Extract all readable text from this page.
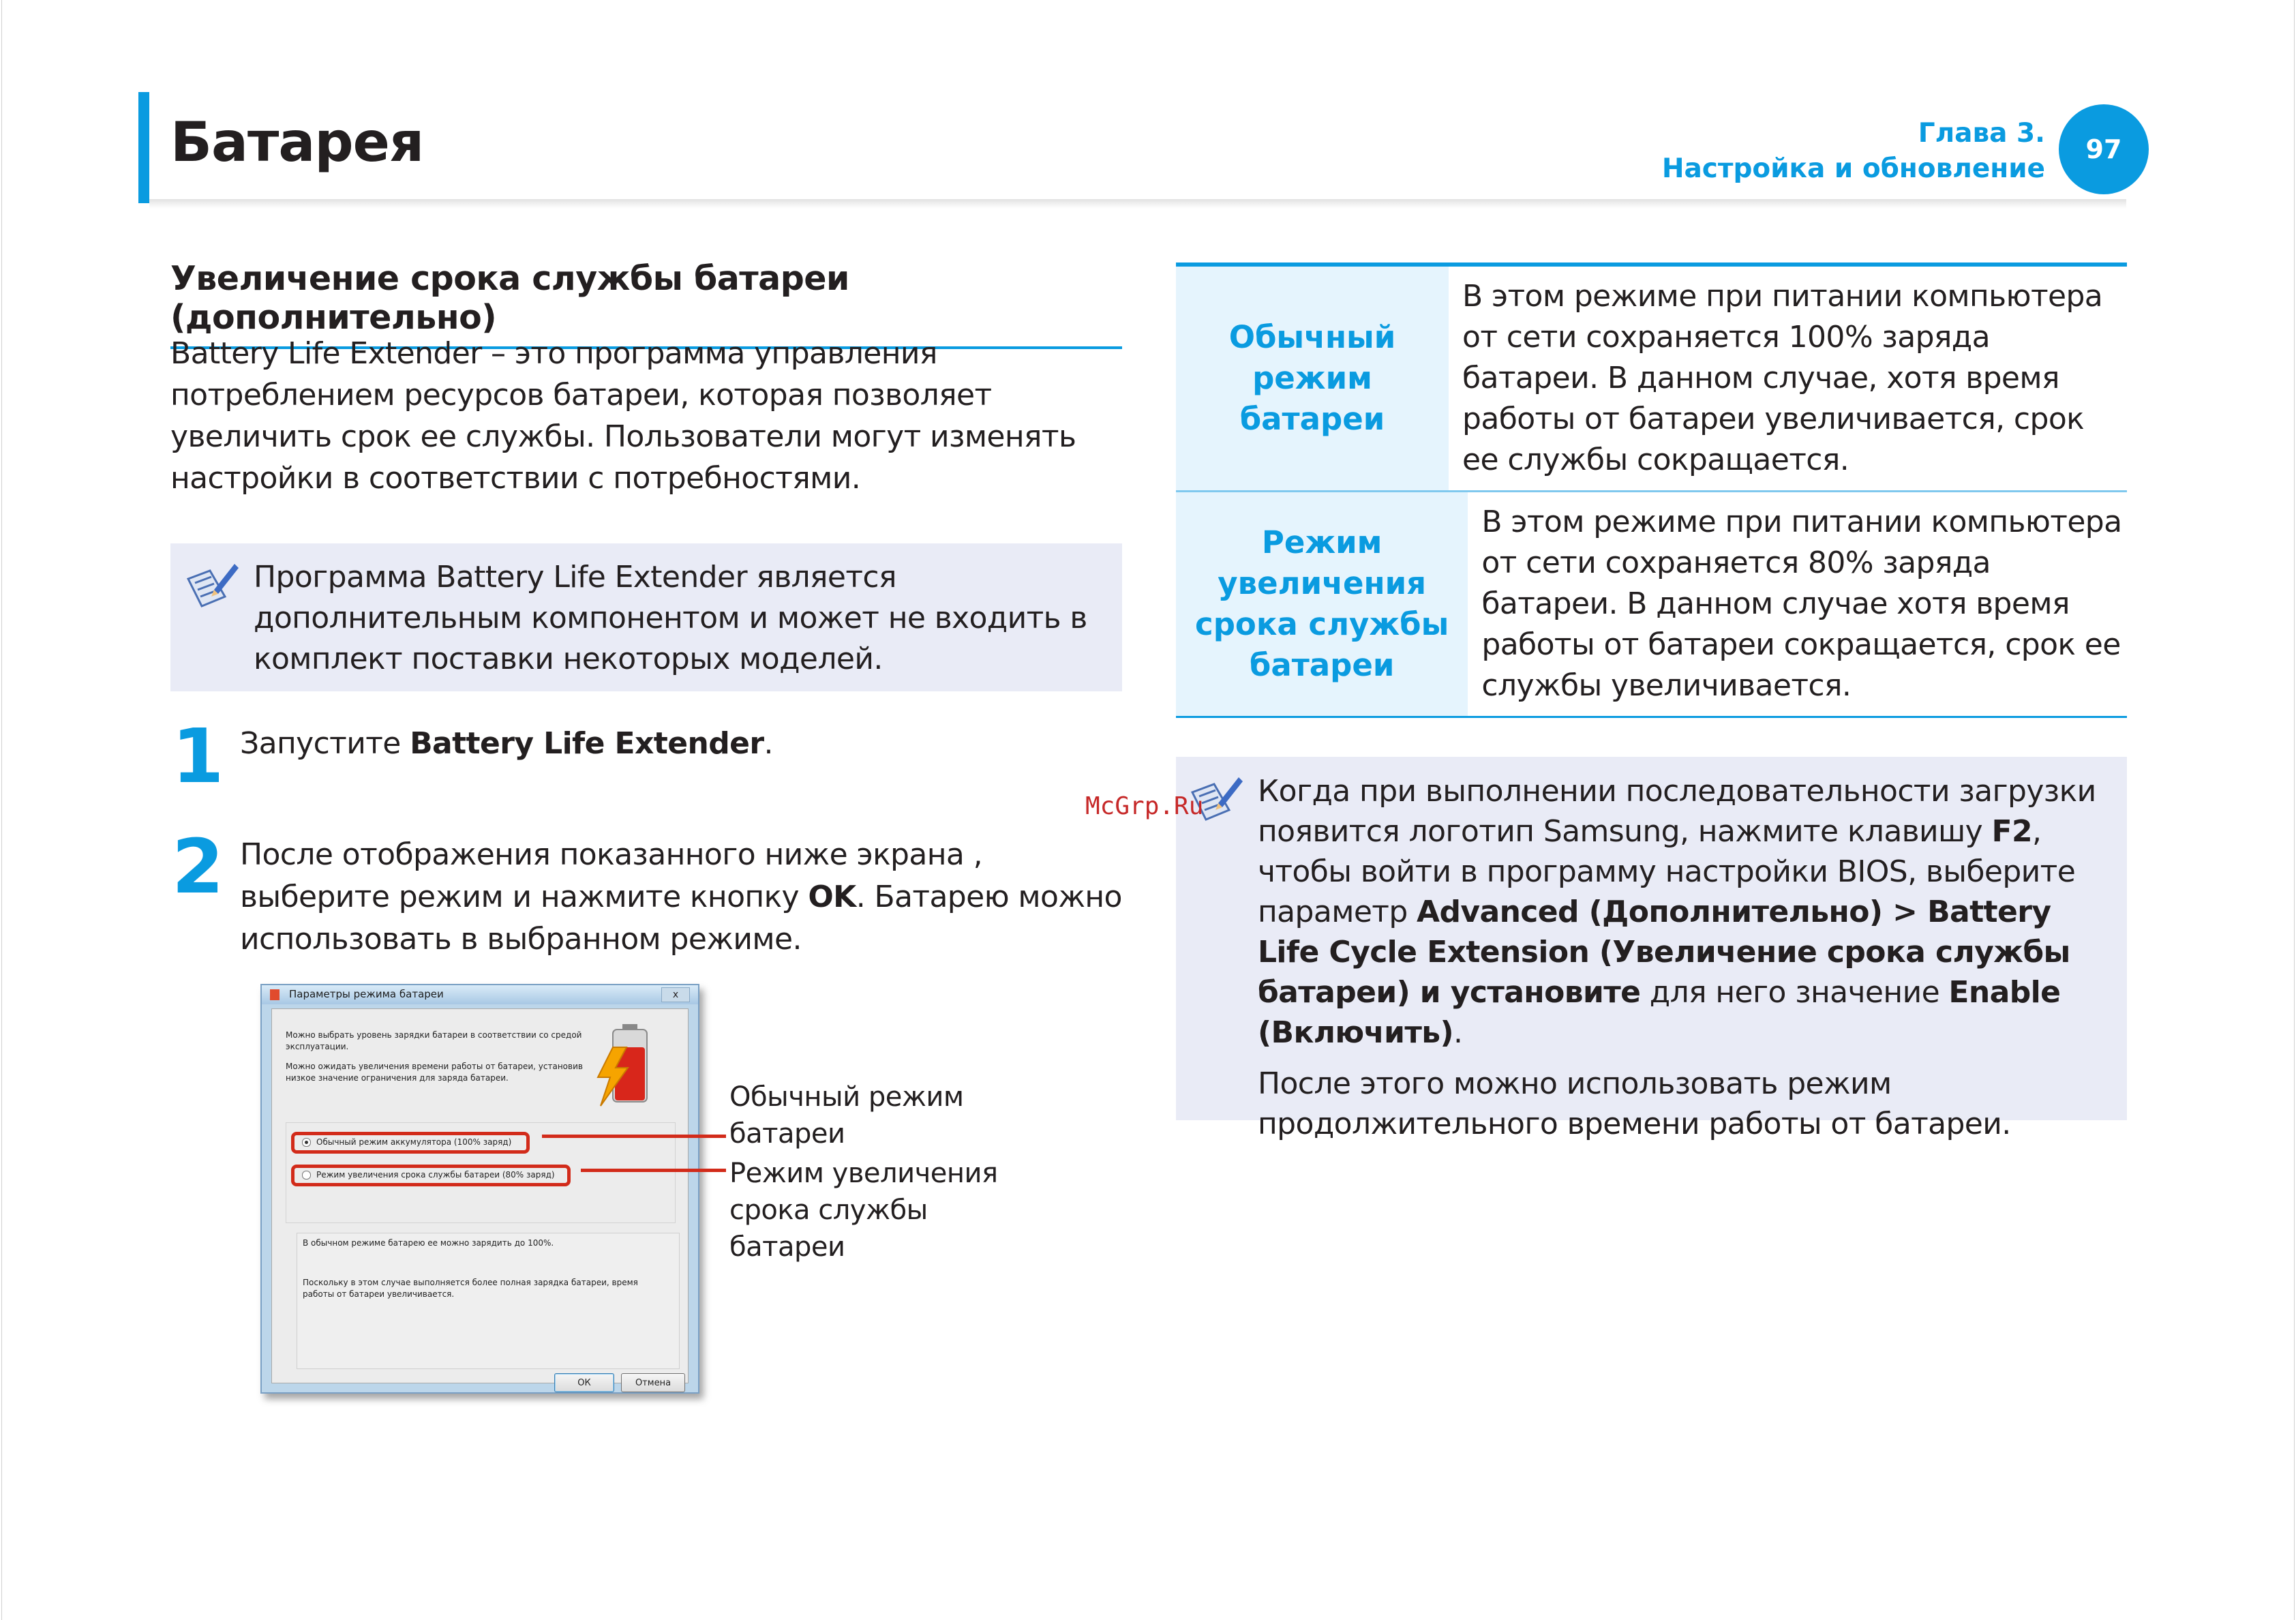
Батарея	Глава 3.
Настройка и обновление
97
Увеличение срока службы батареи (дополнительно)
Battery Life Extender – это программа управления потреблением ресурсов батареи, которая позволяет увеличить срок ее службы. Пользователи могут изменять настройки в соответствии с потребностями.
Программа Battery Life Extender является дополнительным компонентом и может не входить в комплект поставки некоторых моделей.
1 Запустите Battery Life Extender.
2 После отображения показанного ниже экрана , выберите режим и нажмите кнопку OK. Батарею можно использовать в выбранном режиме.
Параметры режима батареи	x
Можно выбрать уровень зарядки батареи в соответствии со средой эксплуатации.
Можно ожидать увеличения времени работы от батареи, установив низкое значение ограничения для заряда батареи.
Обычный режим аккумулятора (100% заряд)
Режим увеличения срока службы батареи (80% заряд)
В обычном режиме батарею ее можно зарядить до 100%.
Поскольку в этом случае выполняется более полная зарядка батареи, время работы от батареи увеличивается.
ОК	Отмена
Обычный режим батареи
Режим увеличения срока службы батареи
Обычный режим батареи
В этом режиме при питании компьютера от сети сохраняется 100% заряда батареи. В данном случае, хотя время работы от батареи увеличивается, срок ее службы сокращается.
Режим увеличения срока службы батареи
В этом режиме при питании компьютера от сети сохраняется 80% заряда батареи. В данном случае хотя время работы от батареи сокращается, срок ее службы увеличивается.
Когда при выполнении последовательности загрузки появится логотип Samsung, нажмите клавишу F2, чтобы войти в программу настройки BIOS, выберите параметр Advanced (Дополнительно) > Battery Life Cycle Extension (Увеличение срока службы батареи) и установите для него значение Enable (Включить).
После этого можно использовать режим продолжительного времени работы от батареи.
McGrp.Ru
